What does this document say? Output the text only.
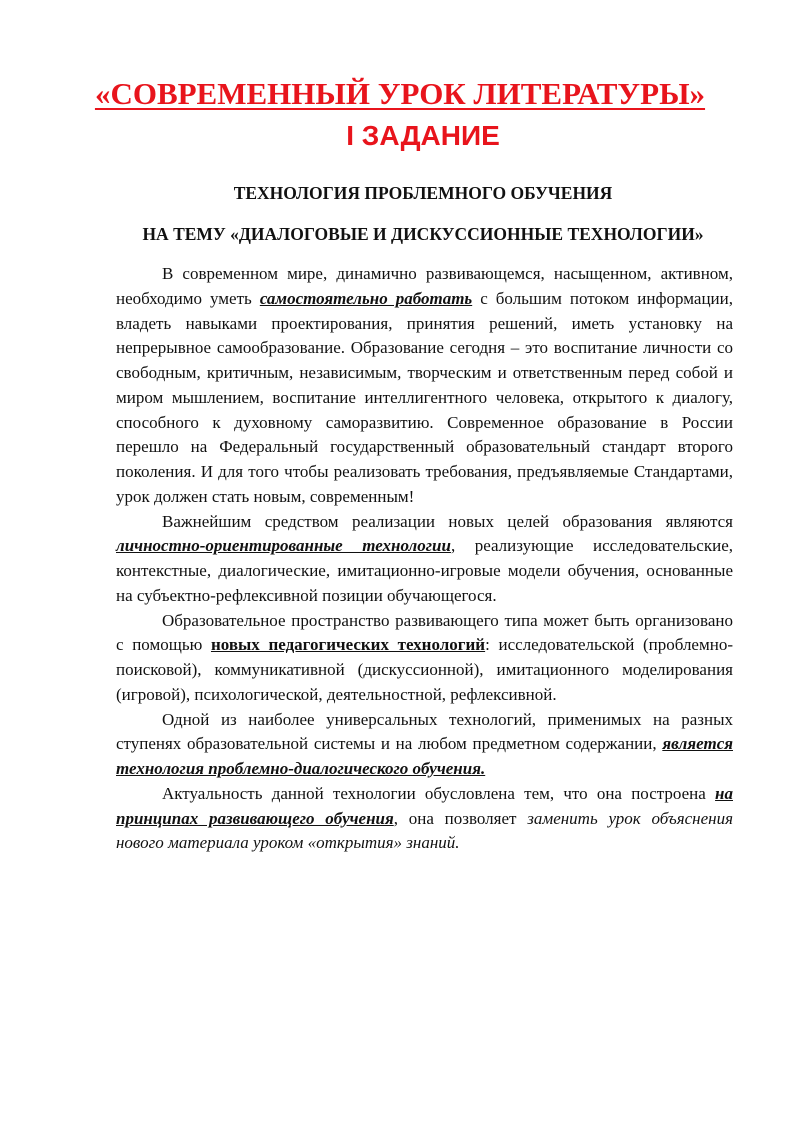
«СОВРЕМЕННЫЙ УРОК ЛИТЕРАТУРЫ»
I ЗАДАНИЕ
ТЕХНОЛОГИЯ ПРОБЛЕМНОГО ОБУЧЕНИЯ
НА ТЕМУ «ДИАЛОГОВЫЕ И ДИСКУССИОННЫЕ ТЕХНОЛОГИИ»

В современном мире, динамично развивающемся, насыщенном, активном, необходимо уметь самостоятельно работать с большим потоком информации, владеть навыками проектирования, принятия решений, иметь установку на непрерывное самообразование. Образование сегодня – это воспитание личности со свободным, критичным, независимым, творческим и ответственным перед собой и миром мышлением, воспитание интеллигентного человека, открытого к диалогу, способного к духовному саморазвитию. Современное образование в России перешло на Федеральный государственный образовательный стандарт второго поколения. И для того чтобы реализовать требования, предъявляемые Стандартами, урок должен стать новым, современным!

Важнейшим средством реализации новых целей образования являются личностно-ориентированные технологии, реализующие исследовательские, контекстные, диалогические, имитационно-игровые модели обучения, основанные на субъектно-рефлексивной позиции обучающегося.

Образовательное пространство развивающего типа может быть организовано с помощью новых педагогических технологий: исследовательской (проблемно-поисковой), коммуникативной (дискуссионной), имитационного моделирования (игровой), психологической, деятельностной, рефлексивной.

Одной из наиболее универсальных технологий, применимых на разных ступенях образовательной системы и на любом предметном содержании, является технология проблемно-диалогического обучения.

Актуальность данной технологии обусловлена тем, что она построена на принципах развивающего обучения, она позволяет заменить урок объяснения нового материала уроком «открытия» знаний.
